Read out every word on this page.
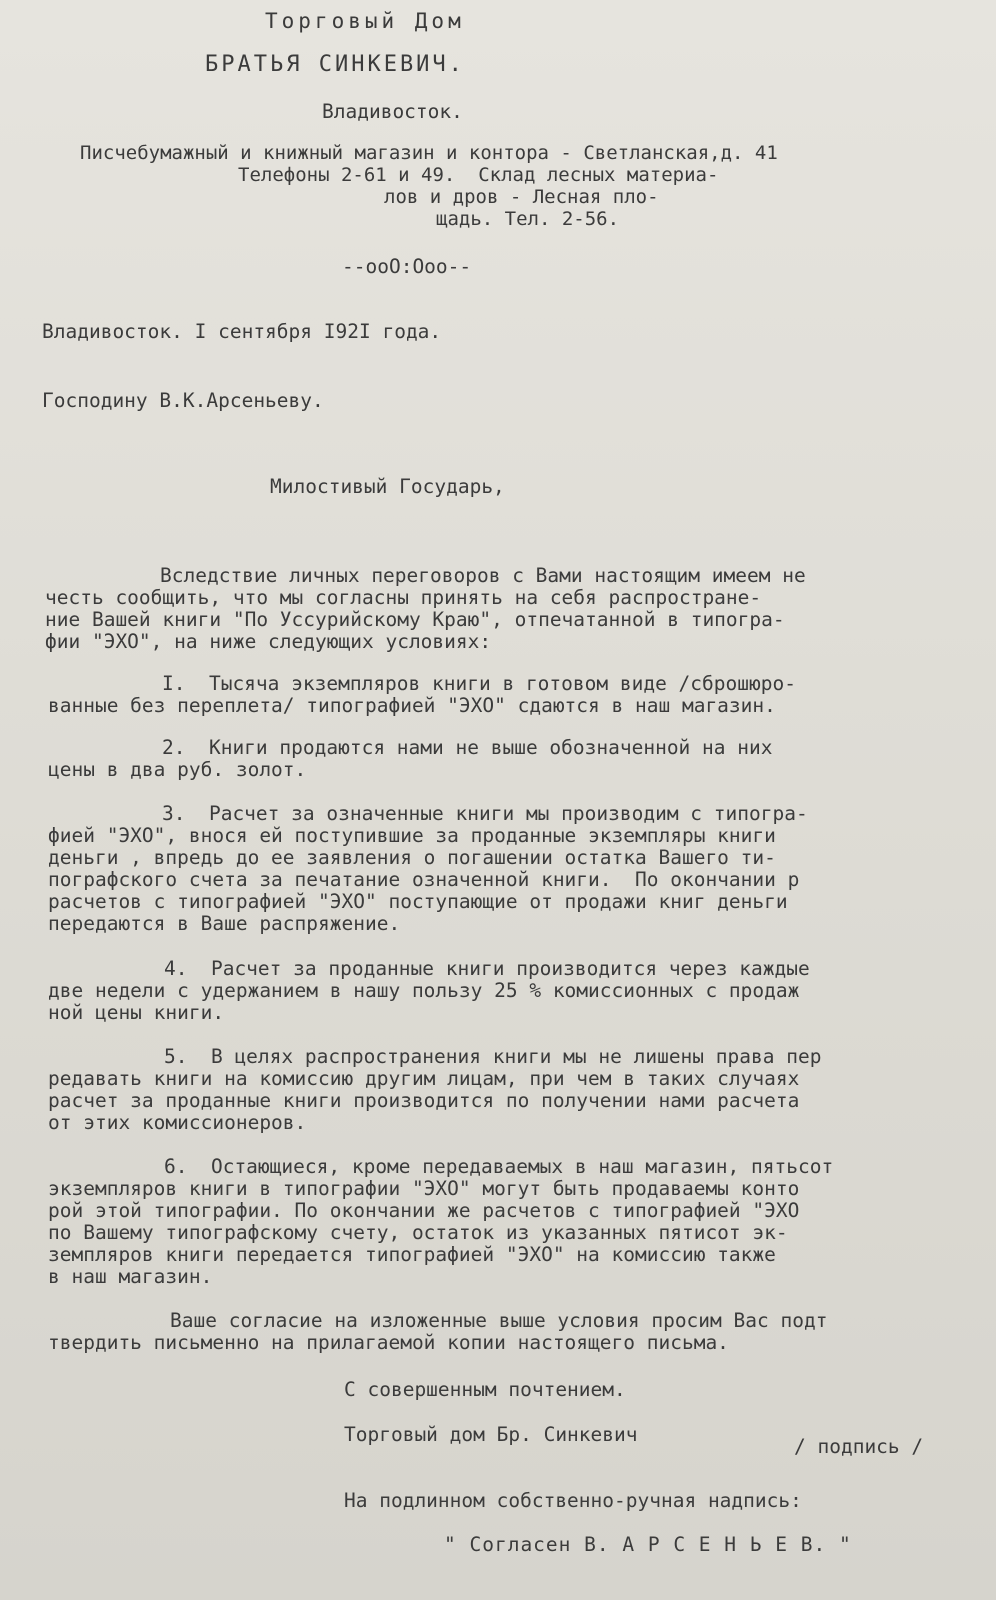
Торговый Дом
БРАТЬЯ СИНКЕВИЧ.
Владивосток.
Писчебумажный и книжный магазин и контора - Светланская,д. 41
Телефоны 2-61 и 49.  Склад лесных материа-
лов и дров - Лесная пло-
щадь. Тел. 2-56.
--ooO:Ooo--
Владивосток. I сентября I92I года.
Господину В.К.Арсеньеву.
Милостивый Государь,
Вследствие личных переговоров с Вами настоящим имеем не
честь сообщить, что мы согласны принять на себя распростране-
ние Вашей книги "По Уссурийскому Краю", отпечатанной в типогра-
фии "ЭХО", на ниже следующих условиях:
I.  Тысяча экземпляров книги в готовом виде /сброшюро-
ванные без переплета/ типографией "ЭХО" сдаются в наш магазин.
2.  Книги продаются нами не выше обозначенной на них
цены в два руб. золот.
3.  Расчет за означенные книги мы производим с типогра-
фией "ЭХО", внося ей поступившие за проданные экземпляры книги
деньги , впредь до ее заявления о погашении остатка Вашего ти-
пографского счета за печатание означенной книги.  По окончании р
расчетов с типографией "ЭХО" поступающие от продажи книг деньги
передаются в Ваше распряжение.
4.  Расчет за проданные книги производится через каждые
две недели с удержанием в нашу пользу 25 % комиссионных с продаж
ной цены книги.
5.  В целях распространения книги мы не лишены права пер
редавать книги на комиссию другим лицам, при чем в таких случаях
расчет за проданные книги производится по получении нами расчета
от этих комиссионеров.
6.  Остающиеся, кроме передаваемых в наш магазин, пятьсот
экземпляров книги в типографии "ЭХО" могут быть продаваемы конто
рой этой типографии. По окончании же расчетов с типографией "ЭХО
по Вашему типографскому счету, остаток из указанных пятисот эк-
земпляров книги передается типографией "ЭХО" на комиссию также
в наш магазин.
Ваше согласие на изложенные выше условия просим Вас подт
твердить письменно на прилагаемой копии настоящего письма.
С совершенным почтением.
Торговый дом Бр. Синкевич
/ подпись /
На подлинном собственно-ручная надпись:
" Согласен В. А Р С Е Н Ь Е В. "
